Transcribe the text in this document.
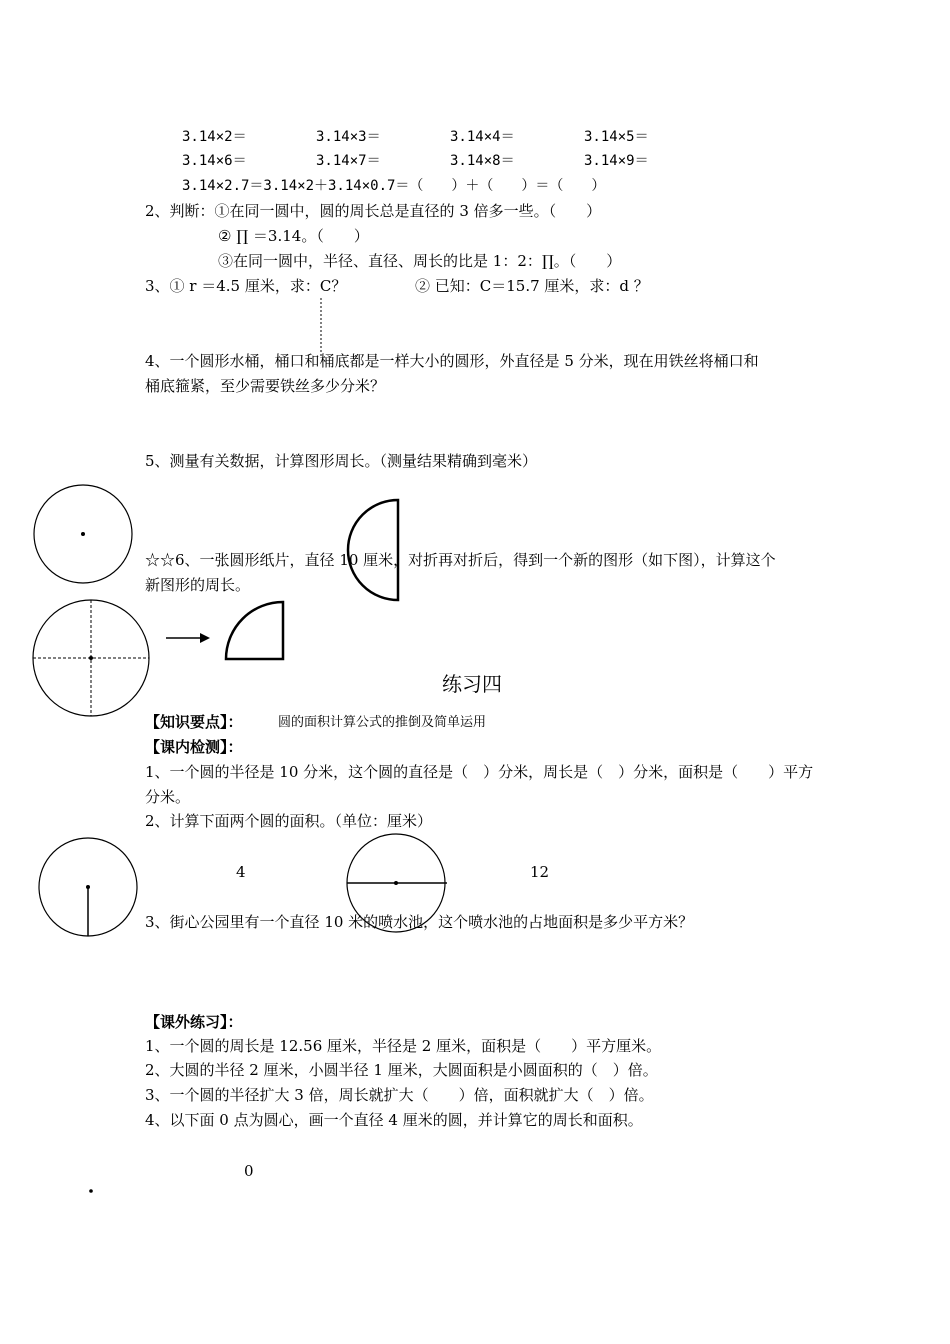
3.14×2＝	3.14×3＝	3.14×4＝	3.14×5＝
3.14×6＝	3.14×7＝	3.14×8＝	3.14×9＝
3.14×2.7＝3.14×2＋3.14×0.7＝（　　）＋（　　）＝（　　）
2、判断：①在同一圆中，圆的周长总是直径的 3 倍多一些。（　　）
② ∏ ＝3.14。（　　）
③在同一圆中，半径、直径、周长的比是 1：2：∏。（　　）
3、① r ＝4.5 厘米，求：C？	② 已知：C＝15.7 厘米，求：d ？
4、一个圆形水桶，桶口和桶底都是一样大小的圆形，外直径是 5 分米，现在用铁丝将桶口和
桶底箍紧，至少需要铁丝多少分米？
5、测量有关数据，计算图形周长。（测量结果精确到毫米）
☆☆6、一张圆形纸片，直径 10 厘米，对折再对折后，得到一个新的图形（如下图），计算这个
新图形的周长。
练习四
【知识要点】：	圆的面积计算公式的推倒及简单运用
【课内检测】：
1、一个圆的半径是 10 分米，这个圆的直径是（　）分米，周长是（　）分米，面积是（　　）平方
分米。
2、计算下面两个圆的面积。（单位：厘米）
4	12
3、街心公园里有一个直径 10 米的喷水池，这个喷水池的占地面积是多少平方米？
【课外练习】：
1、一个圆的周长是 12.56 厘米，半径是 2 厘米，面积是（　　）平方厘米。
2、大圆的半径 2 厘米，小圆半径 1 厘米，大圆面积是小圆面积的（　）倍。
3、一个圆的半径扩大 3 倍，周长就扩大（　　）倍，面积就扩大（　）倍。
4、以下面 0 点为圆心，画一个直径 4 厘米的圆，并计算它的周长和面积。
0
